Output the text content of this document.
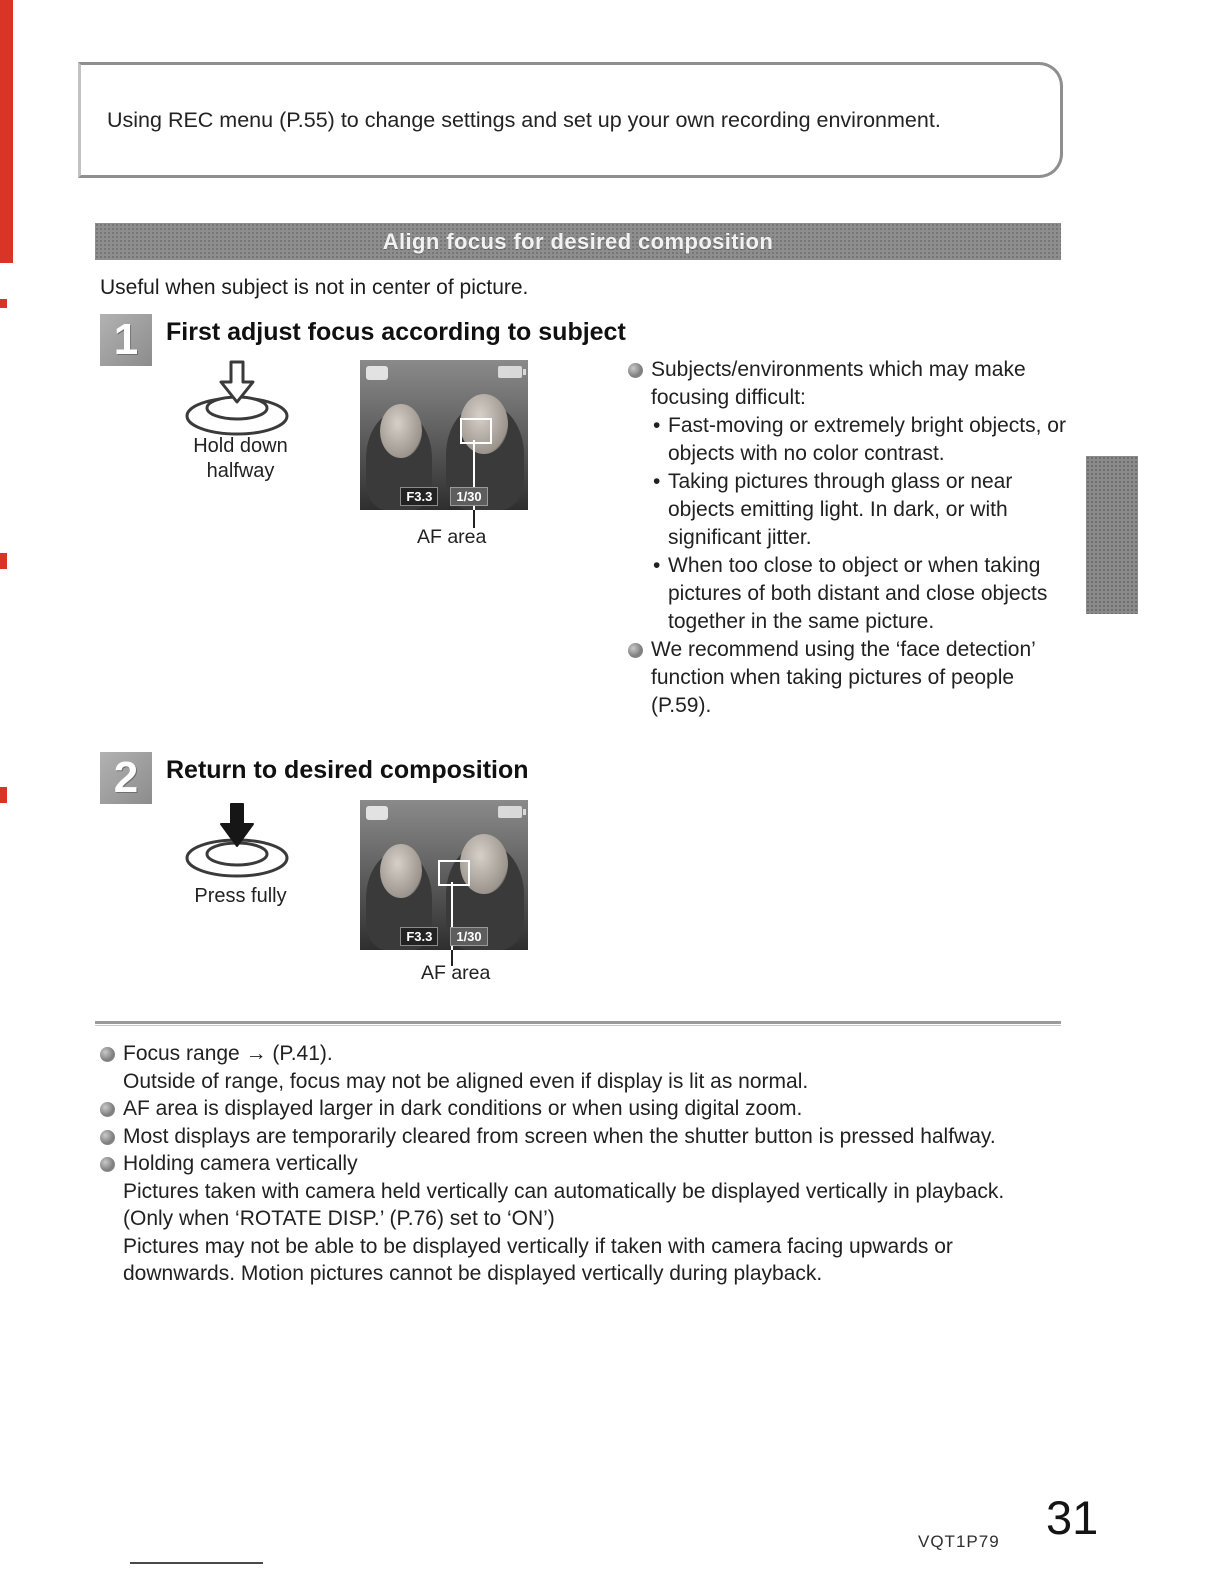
Using REC menu (P.55) to change settings and set up your own recording environment.
Align focus for desired composition

Useful when subject is not in center of picture.

1	First adjust focus according to subject
Hold down
halfway
F3.3	1/30
AF area
Subjects/environments which may make focusing difficult:
• Fast-moving or extremely bright objects, or objects with no color contrast.
• Taking pictures through glass or near objects emitting light. In dark, or with significant jitter.
• When too close to object or when taking pictures of both distant and close objects together in the same picture.
We recommend using the ‘face detection’ function when taking pictures of people (P.59).
2	Return to desired composition
Press fully
F3.3	1/30
AF area
Focus range → (P.41).
Outside of range, focus may not be aligned even if display is lit as normal.
AF area is displayed larger in dark conditions or when using digital zoom.
Most displays are temporarily cleared from screen when the shutter button is pressed halfway.
Holding camera vertically
Pictures taken with camera held vertically can automatically be displayed vertically in playback.
(Only when ‘ROTATE DISP.’ (P.76) set to ‘ON’)
Pictures may not be able to be displayed vertically if taken with camera facing upwards or downwards. Motion pictures cannot be displayed vertically during playback.
VQT1P79 31
